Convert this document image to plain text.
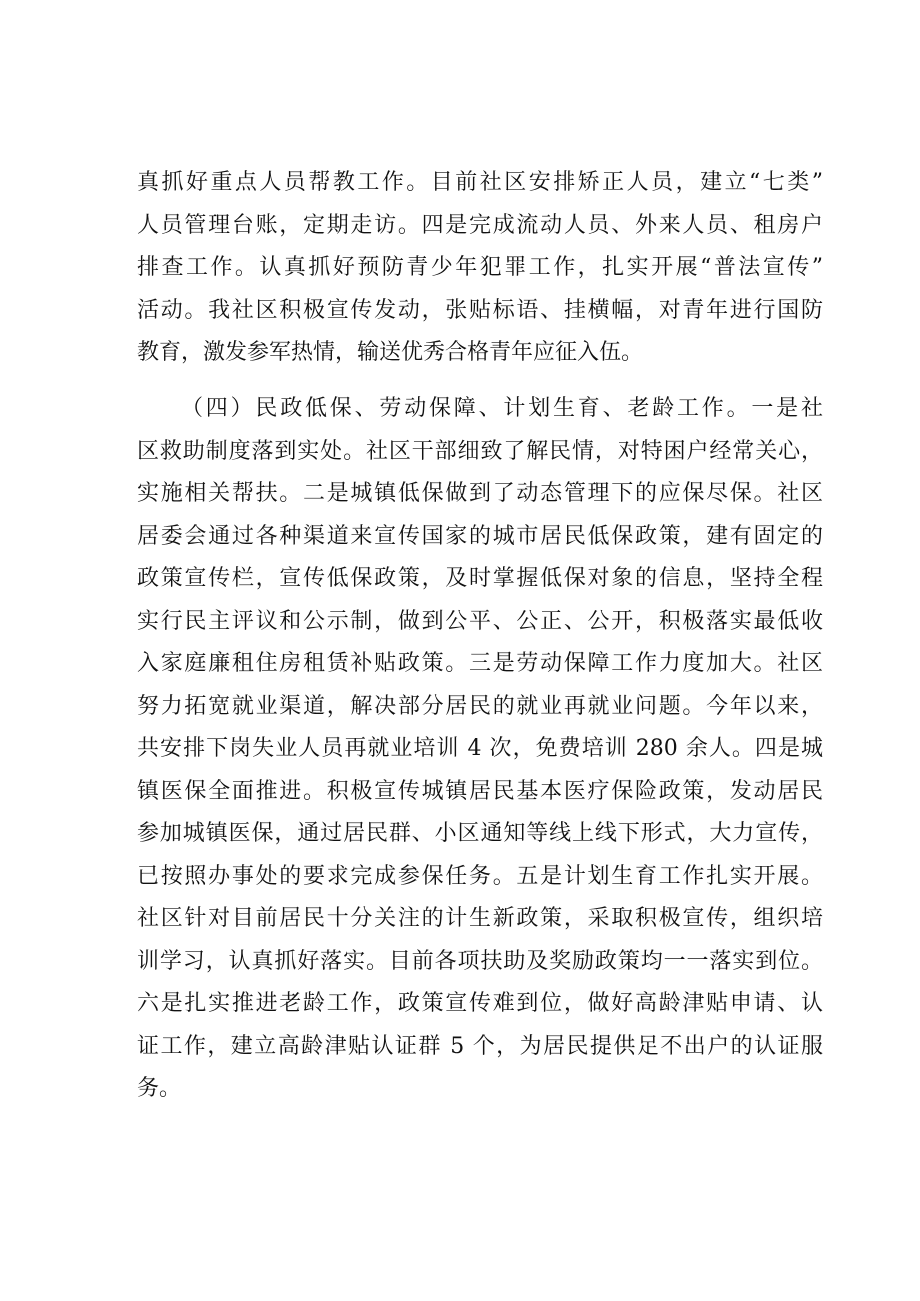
真抓好重点人员帮教工作。目前社区安排矫正人员，建立“七类”
人员管理台账，定期走访。四是完成流动人员、外来人员、租房户
排查工作。认真抓好预防青少年犯罪工作，扎实开展“普法宣传”
活动。我社区积极宣传发动，张贴标语、挂横幅，对青年进行国防
教育，激发参军热情，输送优秀合格青年应征入伍。
（四）民政低保、劳动保障、计划生育、老龄工作。一是社
区救助制度落到实处。社区干部细致了解民情，对特困户经常关心，
实施相关帮扶。二是城镇低保做到了动态管理下的应保尽保。社区
居委会通过各种渠道来宣传国家的城市居民低保政策，建有固定的
政策宣传栏，宣传低保政策，及时掌握低保对象的信息，坚持全程
实行民主评议和公示制，做到公平、公正、公开，积极落实最低收
入家庭廉租住房租赁补贴政策。三是劳动保障工作力度加大。社区
努力拓宽就业渠道，解决部分居民的就业再就业问题。今年以来，
共安排下岗失业人员再就业培训 4 次，免费培训 280 余人。四是城
镇医保全面推进。积极宣传城镇居民基本医疗保险政策，发动居民
参加城镇医保，通过居民群、小区通知等线上线下形式，大力宣传，
已按照办事处的要求完成参保任务。五是计划生育工作扎实开展。
社区针对目前居民十分关注的计生新政策，采取积极宣传，组织培
训学习，认真抓好落实。目前各项扶助及奖励政策均一一落实到位。
六是扎实推进老龄工作，政策宣传难到位，做好高龄津贴申请、认
证工作，建立高龄津贴认证群 5 个，为居民提供足不出户的认证服
务。
